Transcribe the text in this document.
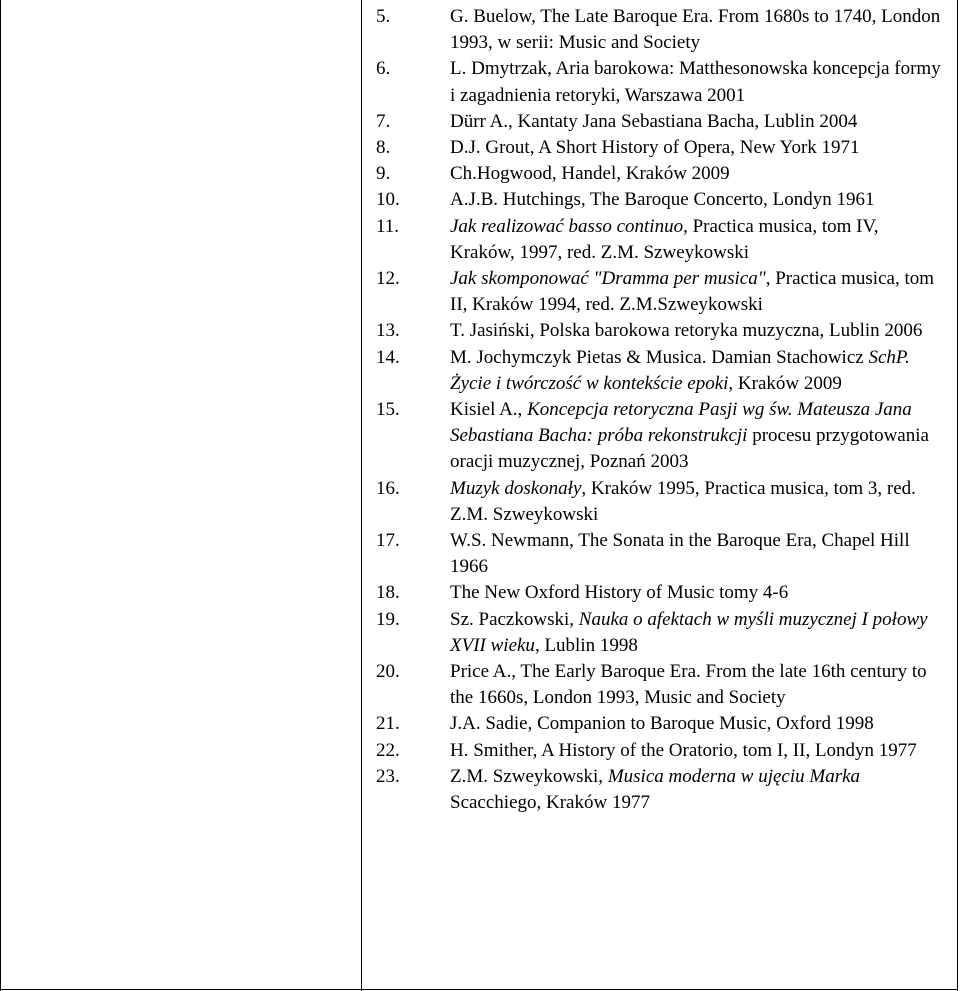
5.	G. Buelow, The Late Baroque Era. From 1680s to 1740, London 1993, w serii: Music and Society
6.	L. Dmytrzak, Aria barokowa: Matthesonowska koncepcja formy i zagadnienia retoryki, Warszawa 2001
7.	Dürr A., Kantaty Jana Sebastiana Bacha, Lublin 2004
8.	D.J. Grout, A Short History of Opera, New York 1971
9.	Ch.Hogwood, Handel, Kraków 2009
10.	A.J.B. Hutchings, The Baroque Concerto, Londyn 1961
11.	Jak realizować basso continuo, Practica musica, tom IV, Kraków, 1997, red. Z.M. Szweykowski
12.	Jak skomponować "Dramma per musica", Practica musica, tom II, Kraków 1994, red. Z.M.Szweykowski
13.	T. Jasiński, Polska barokowa retoryka muzyczna, Lublin 2006
14.	M. Jochymczyk Pietas & Musica. Damian Stachowicz SchP. Życie i twórczość w kontekście epoki, Kraków 2009
15.	Kisiel A., Koncepcja retoryczna Pasji wg św. Mateusza Jana Sebastiana Bacha: próba rekonstrukcji procesu przygotowania oracji muzycznej, Poznań 2003
16.	Muzyk doskonały, Kraków 1995, Practica musica, tom 3, red. Z.M. Szweykowski
17.	W.S. Newmann, The Sonata in the Baroque Era, Chapel Hill 1966
18.	The New Oxford History of Music tomy 4-6
19.	Sz. Paczkowski, Nauka o afektach w myśli muzycznej I połowy XVII wieku, Lublin 1998
20.	Price A., The Early Baroque Era. From the late 16th century to the 1660s, London 1993, Music and Society
21.	J.A. Sadie, Companion to Baroque Music, Oxford 1998
22.	H. Smither, A History of the Oratorio, tom I, II, Londyn 1977
23.	Z.M. Szweykowski, Musica moderna w ujęciu Marka Scacchiego, Kraków 1977
